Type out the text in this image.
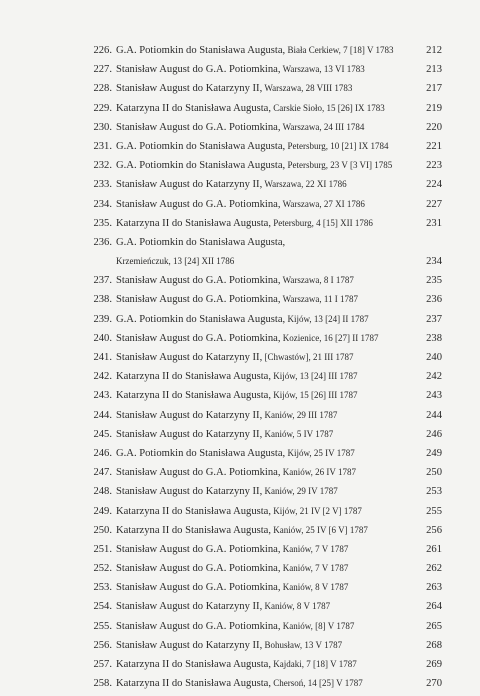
226. G.A. Potiomkin do Stanisława Augusta, Biała Cerkiew, 7 [18] V 1783	212
227. Stanisław August do G.A. Potiomkina, Warszawa, 13 VI 1783	213
228. Stanisław August do Katarzyny II, Warszawa, 28 VIII 1783	217
229. Katarzyna II do Stanisława Augusta, Carskie Sioło, 15 [26] IX 1783	219
230. Stanisław August do G.A. Potiomkina, Warszawa, 24 III 1784	220
231. G.A. Potiomkin do Stanisława Augusta, Petersburg, 10 [21] IX 1784	221
232. G.A. Potiomkin do Stanisława Augusta, Petersburg, 23 V [3 VI] 1785	223
233. Stanisław August do Katarzyny II, Warszawa, 22 XI 1786	224
234. Stanisław August do G.A. Potiomkina, Warszawa, 27 XI 1786	227
235. Katarzyna II do Stanisława Augusta, Petersburg, 4 [15] XII 1786	231
236. G.A. Potiomkin do Stanisława Augusta,
Krzemieńczuk, 13 [24] XII 1786	234
237. Stanisław August do G.A. Potiomkina, Warszawa, 8 I 1787	235
238. Stanisław August do G.A. Potiomkina, Warszawa, 11 I 1787	236
239. G.A. Potiomkin do Stanisława Augusta, Kijów, 13 [24] II 1787	237
240. Stanisław August do G.A. Potiomkina, Kozienice, 16 [27] II 1787	238
241. Stanisław August do Katarzyny II, [Chwastów], 21 III 1787	240
242. Katarzyna II do Stanisława Augusta, Kijów, 13 [24] III 1787	242
243. Katarzyna II do Stanisława Augusta, Kijów, 15 [26] III 1787	243
244. Stanisław August do Katarzyny II, Kaniów, 29 III 1787	244
245. Stanisław August do Katarzyny II, Kaniów, 5 IV 1787	246
246. G.A. Potiomkin do Stanisława Augusta, Kijów, 25 IV 1787	249
247. Stanisław August do G.A. Potiomkina, Kaniów, 26 IV 1787	250
248. Stanisław August do Katarzyny II, Kaniów, 29 IV 1787	253
249. Katarzyna II do Stanisława Augusta, Kijów, 21 IV [2 V] 1787	255
250. Katarzyna II do Stanisława Augusta, Kaniów, 25 IV [6 V] 1787	256
251. Stanisław August do G.A. Potiomkina, Kaniów, 7 V 1787	261
252. Stanisław August do G.A. Potiomkina, Kaniów, 7 V 1787	262
253. Stanisław August do G.A. Potiomkina, Kaniów, 8 V 1787	263
254. Stanisław August do Katarzyny II, Kaniów, 8 V 1787	264
255. Stanisław August do G.A. Potiomkina, Kaniów, [8] V 1787	265
256. Stanisław August do Katarzyny II, Bohusław, 13 V 1787	268
257. Katarzyna II do Stanisława Augusta, Kajdaki, 7 [18] V 1787	269
258. Katarzyna II do Stanisława Augusta, Chersoń, 14 [25] V 1787	270
